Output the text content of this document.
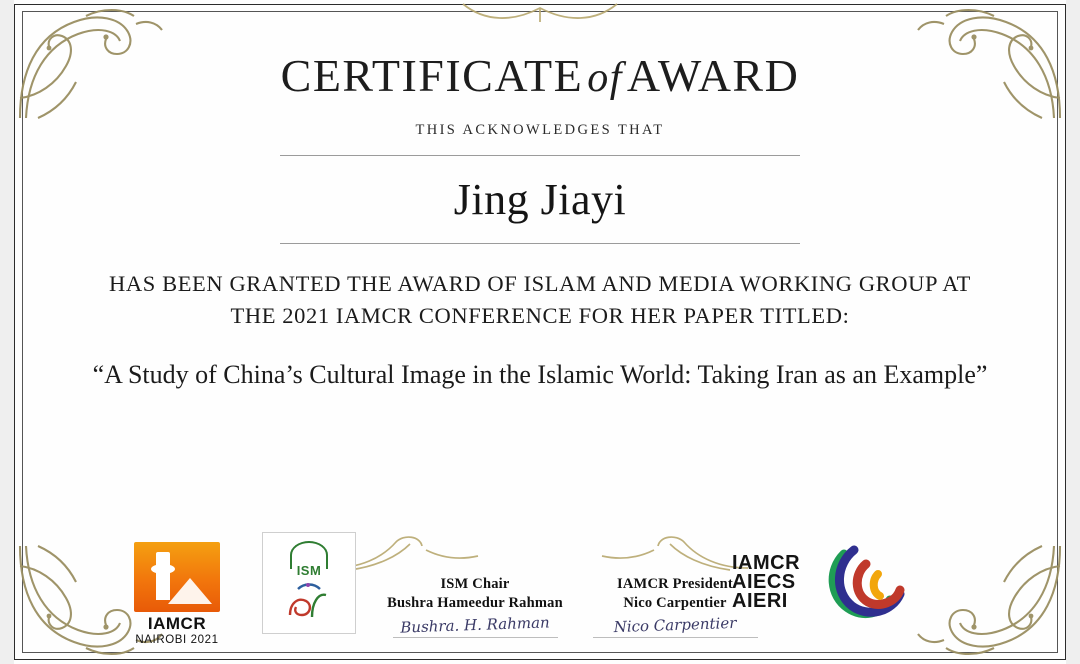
CERTIFICATEofAWARD
THIS ACKNOWLEDGES THAT
Jing Jiayi
HAS BEEN GRANTED THE AWARD OF ISLAM AND MEDIA WORKING GROUP AT THE 2021 IAMCR CONFERENCE FOR HER PAPER TITLED:
“A Study of China’s Cultural Image in the Islamic World: Taking Iran as an Example”
IAMCR
NAIROBI 2021
ISM
ISM Chair
Bushra Hameedur Rahman
Bushra. H. Rahman
IAMCR President
Nico Carpentier
Nico Carpentier
IAMCR
AIECS
AIERI
